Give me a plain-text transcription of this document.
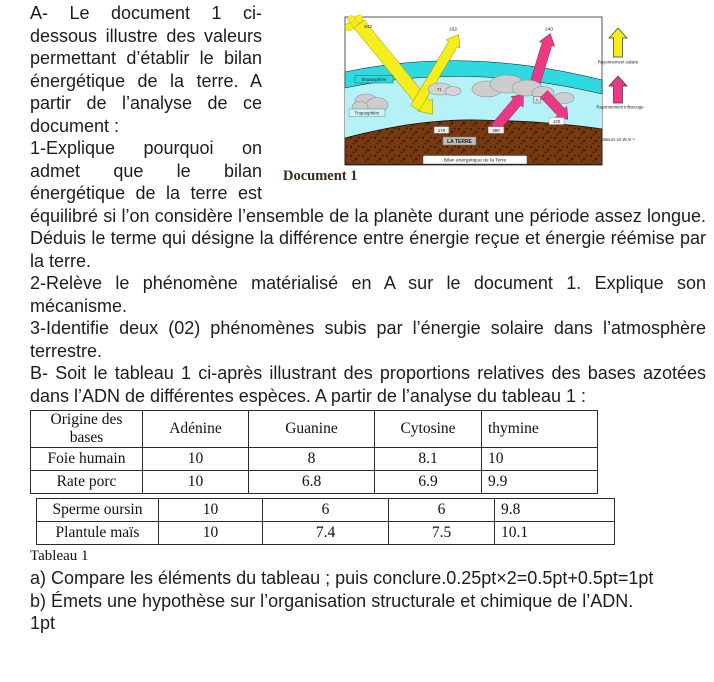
71
342	102	240
Stratosphère
Troposphère
170	390
A
120
LA TERRE
Bilan énergétique de la Terre
Rayonnement solaire
Rayonnement infrarouge
Valeurs en W.m⁻²
Document 1

A- Le document 1 ci-dessous illustre des valeurs permettant d’établir le bilan énergétique de la terre. A partir de l’analyse de ce document :

1-Explique pourquoi on admet que le bilan énergétique de la terre est équilibré si l’on considère l’ensemble de la planète durant une période assez longue. Déduis le terme qui désigne la différence entre énergie reçue et énergie réémise par la terre.

2-Relève le phénomène matérialisé en A sur le document 1. Explique son mécanisme.

3-Identifie deux (02) phénomènes subis par l’énergie solaire dans l’atmosphère terrestre.

B- Soit le tableau 1 ci-après illustrant des proportions relatives des bases azotées dans l’ADN de différentes espèces. A partir de l’analyse du tableau 1 :

Origine des bases	Adénine	Guanine	Cytosine	thymine
Foie humain	10	8	8.1	10
Rate porc	10	6.8	6.9	9.9
Sperme oursin	10	6	6	9.8
Plantule maïs	10	7.4	7.5	10.1
Tableau 1

a) Compare les éléments du tableau ; puis conclure.0.25pt×2=0.5pt+0.5pt=1pt

b) Émets une hypothèse sur l’organisation structurale et chimique de l’ADN.

1pt
